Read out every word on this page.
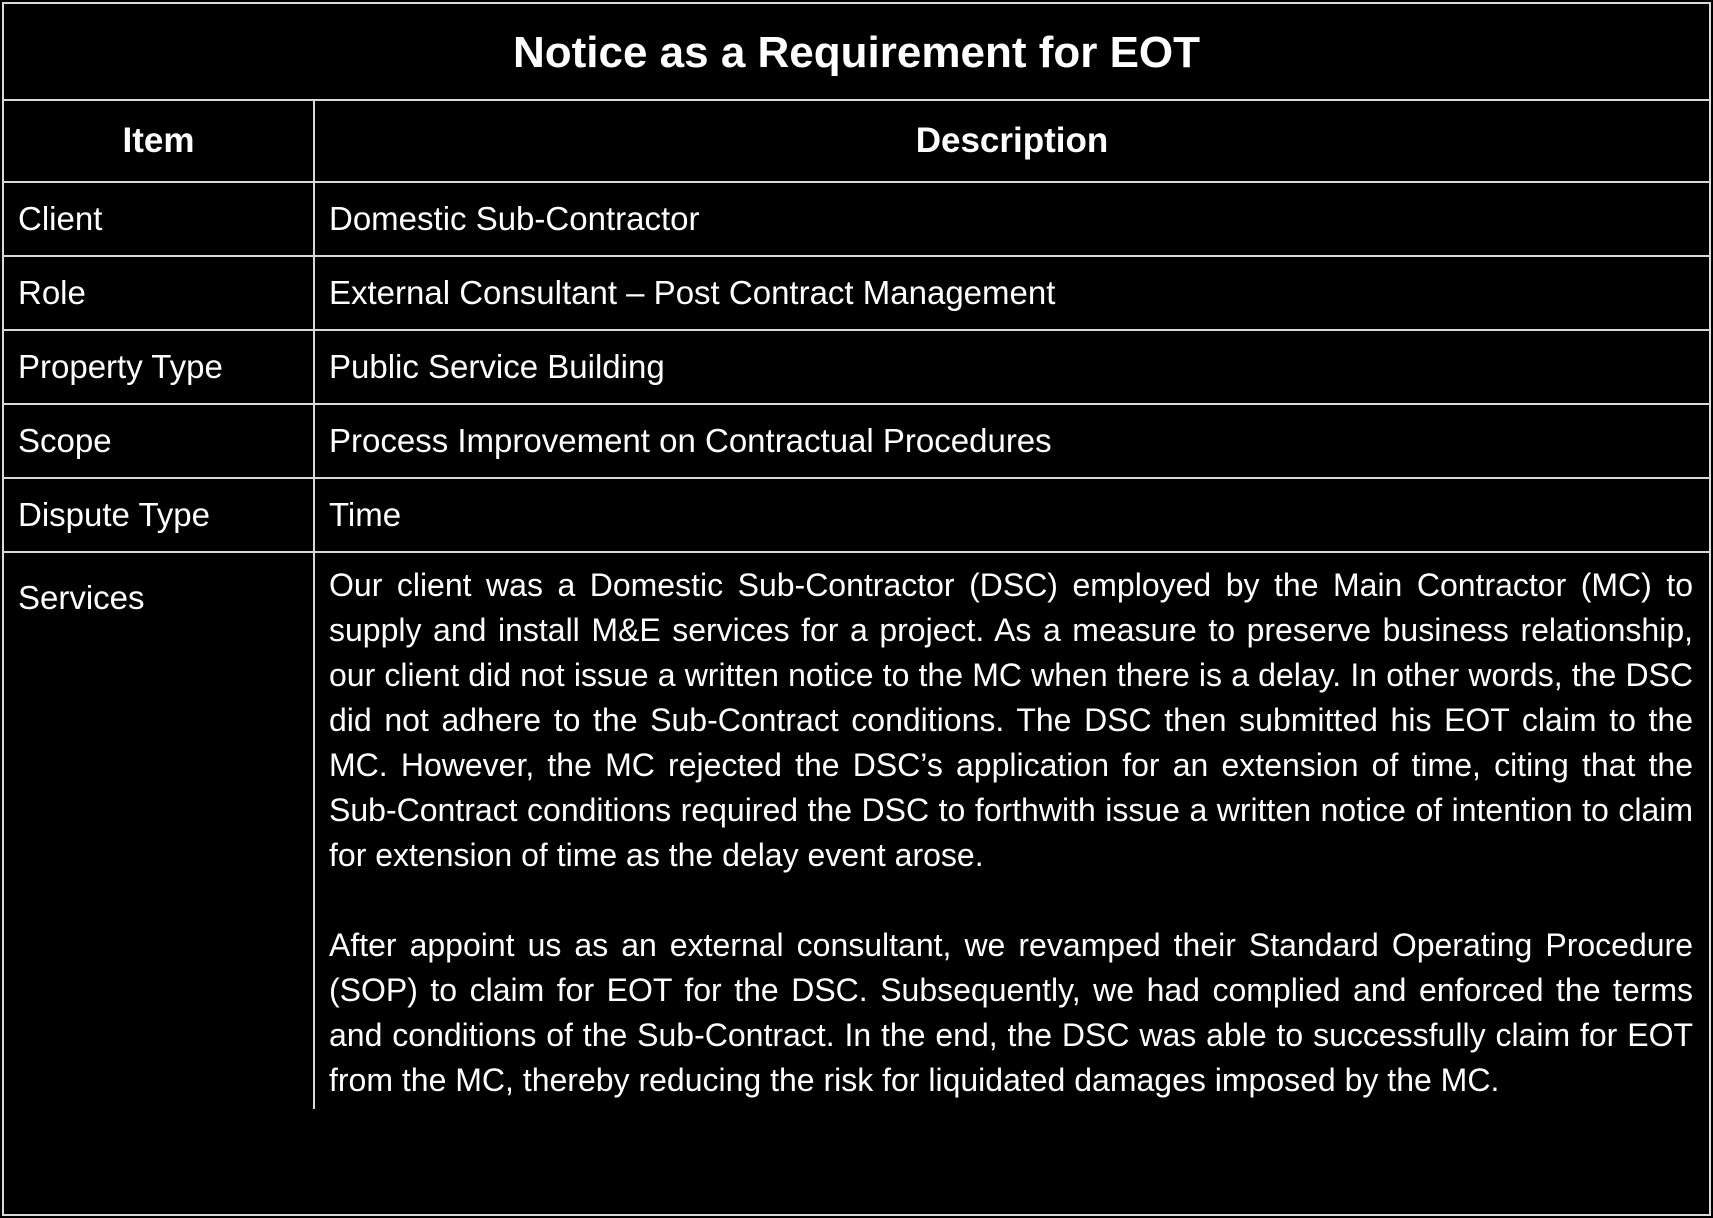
Notice as a Requirement for EOT	
Item	Description
Client	Domestic Sub-Contractor
Role	External Consultant – Post Contract Management
Property Type	Public Service Building
Scope	Process Improvement on Contractual Procedures
Dispute Type	Time
Services	Our client was a Domestic Sub-Contractor (DSC) employed by the Main Contractor (MC) to supply and install M&E services for a project. As a measure to preserve business relationship, our client did not issue a written notice to the MC when there is a delay. In other words, the DSC did not adhere to the Sub-Contract conditions. The DSC then submitted his EOT claim to the MC. However, the MC rejected the DSC’s application for an extension of time, citing that the Sub-Contract conditions required the DSC to forthwith issue a written notice of intention to claim for extension of time as the delay event arose.

After appoint us as an external consultant, we revamped their Standard Operating Procedure (SOP) to claim for EOT for the DSC. Subsequently, we had complied and enforced the terms and conditions of the Sub-Contract. In the end, the DSC was able to successfully claim for EOT from the MC, thereby reducing the risk for liquidated damages imposed by the MC.
